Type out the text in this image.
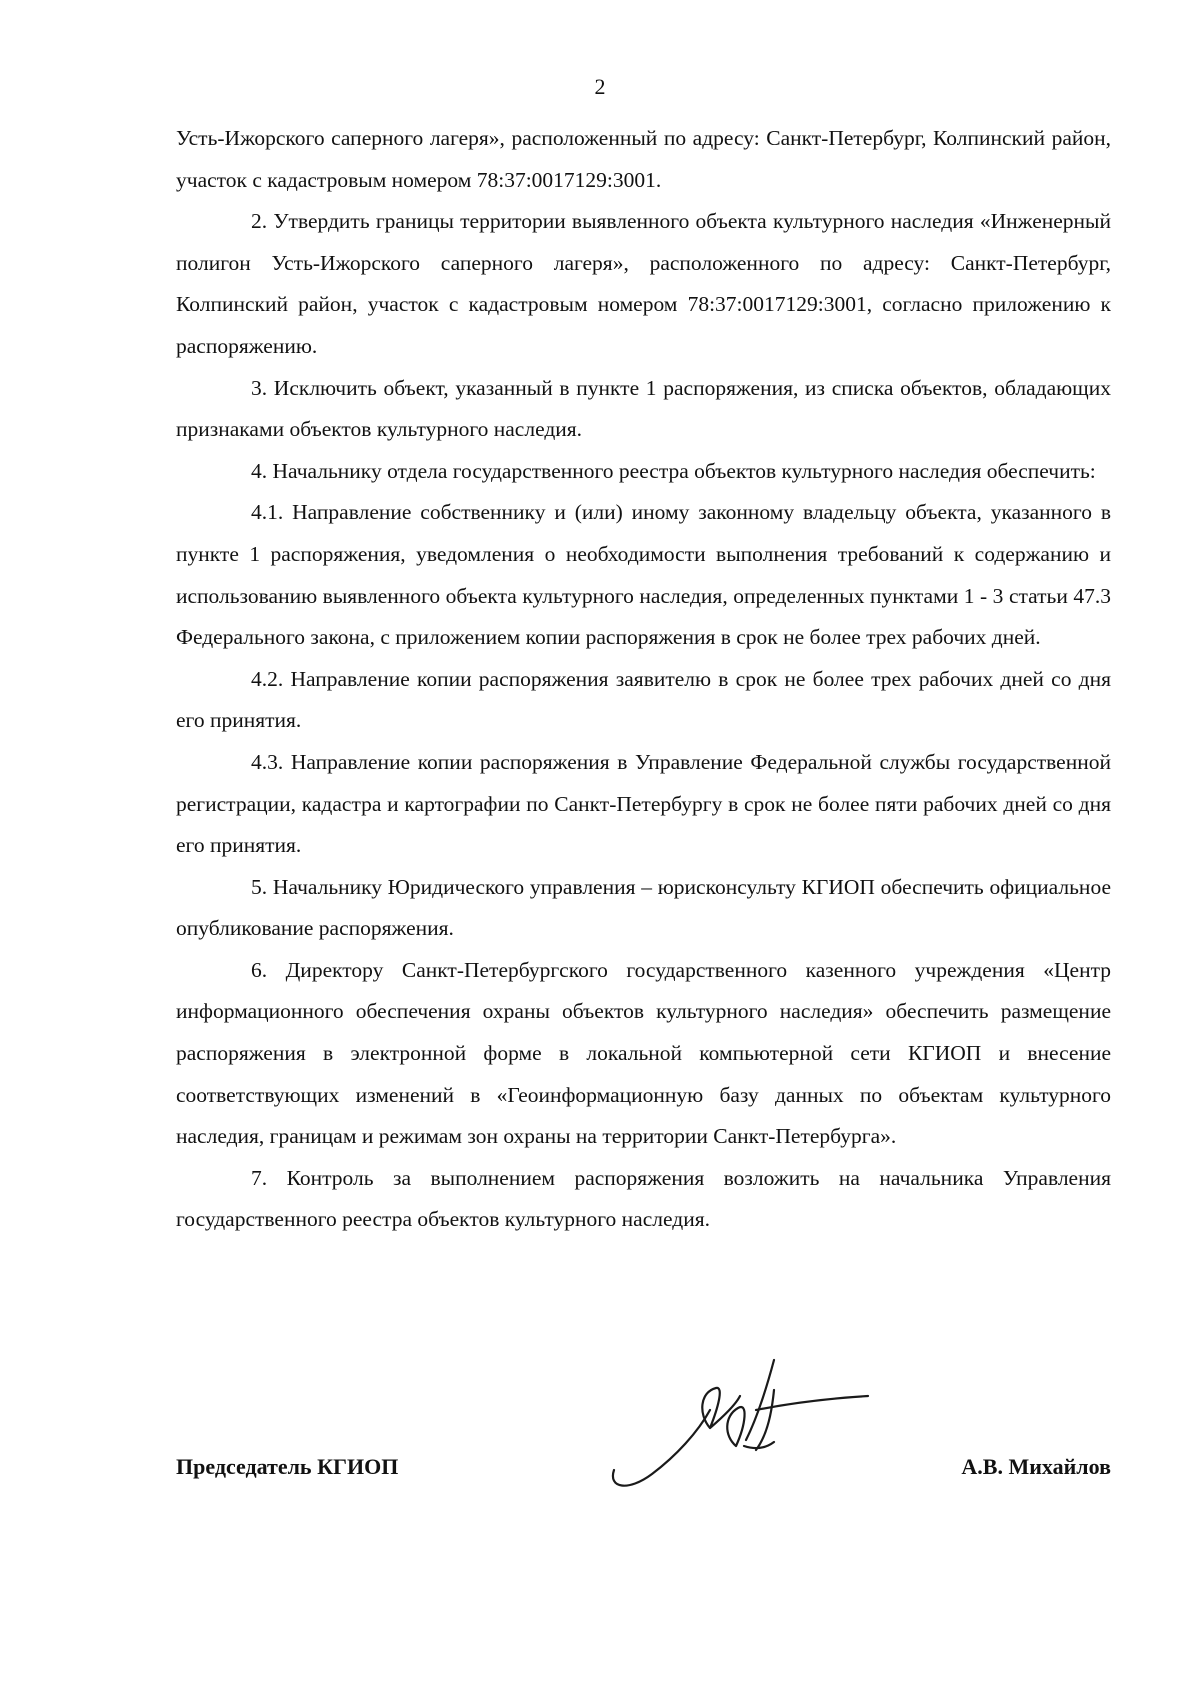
2

Усть-Ижорского саперного лагеря», расположенный по адресу: Санкт-Петербург, Колпинский район, участок с кадастровым номером 78:37:0017129:3001.

2. Утвердить границы территории выявленного объекта культурного наследия «Инженерный полигон Усть-Ижорского саперного лагеря», расположенного по адресу: Санкт-Петербург, Колпинский район, участок с кадастровым номером 78:37:0017129:3001, согласно приложению к распоряжению.

3. Исключить объект, указанный в пункте 1 распоряжения, из списка объектов, обладающих признаками объектов культурного наследия.

4. Начальнику отдела государственного реестра объектов культурного наследия обеспечить:

4.1. Направление собственнику и (или) иному законному владельцу объекта, указанного в пункте 1 распоряжения, уведомления о необходимости выполнения требований к содержанию и использованию выявленного объекта культурного наследия, определенных пунктами 1 - 3 статьи 47.3 Федерального закона, с приложением копии распоряжения в срок не более трех рабочих дней.

4.2. Направление копии распоряжения заявителю в срок не более трех рабочих дней со дня его принятия.

4.3. Направление копии распоряжения в Управление Федеральной службы государственной регистрации, кадастра и картографии по Санкт-Петербургу в срок не более пяти рабочих дней со дня его принятия.

5. Начальнику Юридического управления – юрисконсульту КГИОП обеспечить официальное опубликование распоряжения.

6. Директору Санкт-Петербургского государственного казенного учреждения «Центр информационного обеспечения охраны объектов культурного наследия» обеспечить размещение распоряжения в электронной форме в локальной компьютерной сети КГИОП и внесение соответствующих изменений в «Геоинформационную базу данных по объектам культурного наследия, границам и режимам зон охраны на территории Санкт-Петербурга».

7. Контроль за выполнением распоряжения возложить на начальника Управления государственного реестра объектов культурного наследия.

Председатель КГИОП	А.В. Михайлов
